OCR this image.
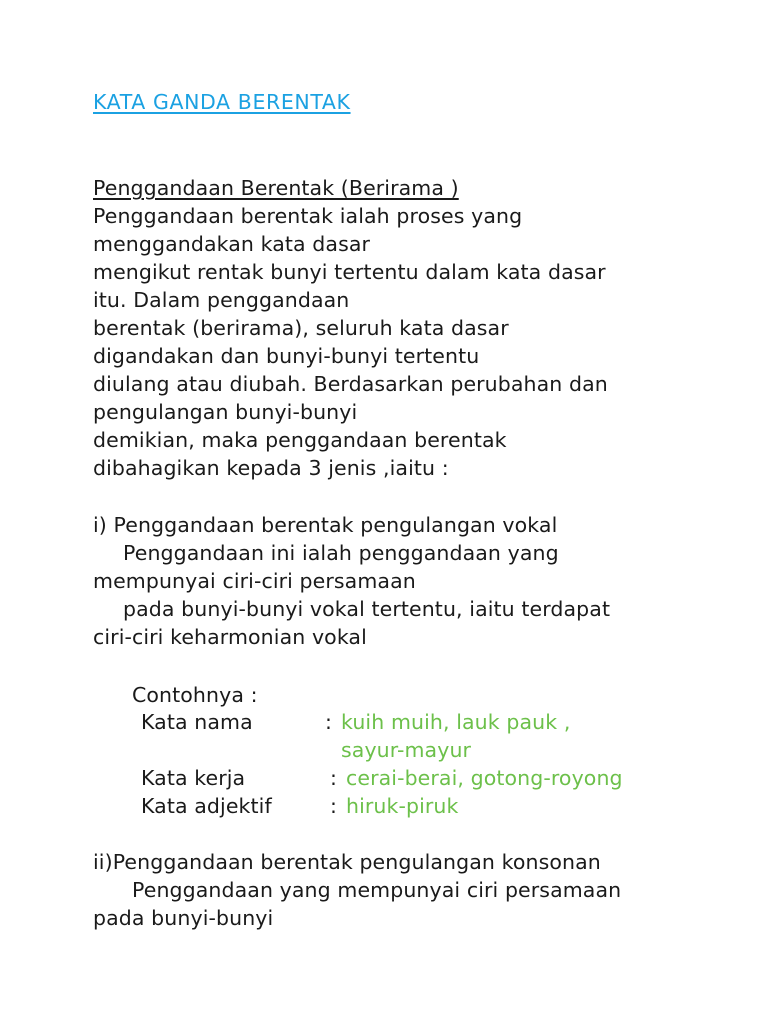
KATA GANDA BERENTAK
Penggandaan Berentak (Berirama )
Penggandaan berentak ialah proses yang
menggandakan kata dasar
mengikut rentak bunyi tertentu dalam kata dasar
itu. Dalam penggandaan
berentak (berirama), seluruh kata dasar
digandakan dan bunyi-bunyi tertentu
diulang atau diubah. Berdasarkan perubahan dan
pengulangan bunyi-bunyi
demikian, maka penggandaan berentak
dibahagikan kepada 3 jenis ,iaitu :
i) Penggandaan berentak pengulangan vokal
Penggandaan ini ialah penggandaan yang
mempunyai ciri-ciri persamaan
pada bunyi-bunyi vokal tertentu, iaitu terdapat
ciri-ciri keharmonian vokal
Contohnya :
Kata nama	: kuih muih, lauk pauk ,
sayur-mayur
Kata kerja	: cerai-berai, gotong-royong
Kata adjektif	: hiruk-piruk
ii)Penggandaan berentak pengulangan konsonan
Penggandaan yang mempunyai ciri persamaan
pada bunyi-bunyi
